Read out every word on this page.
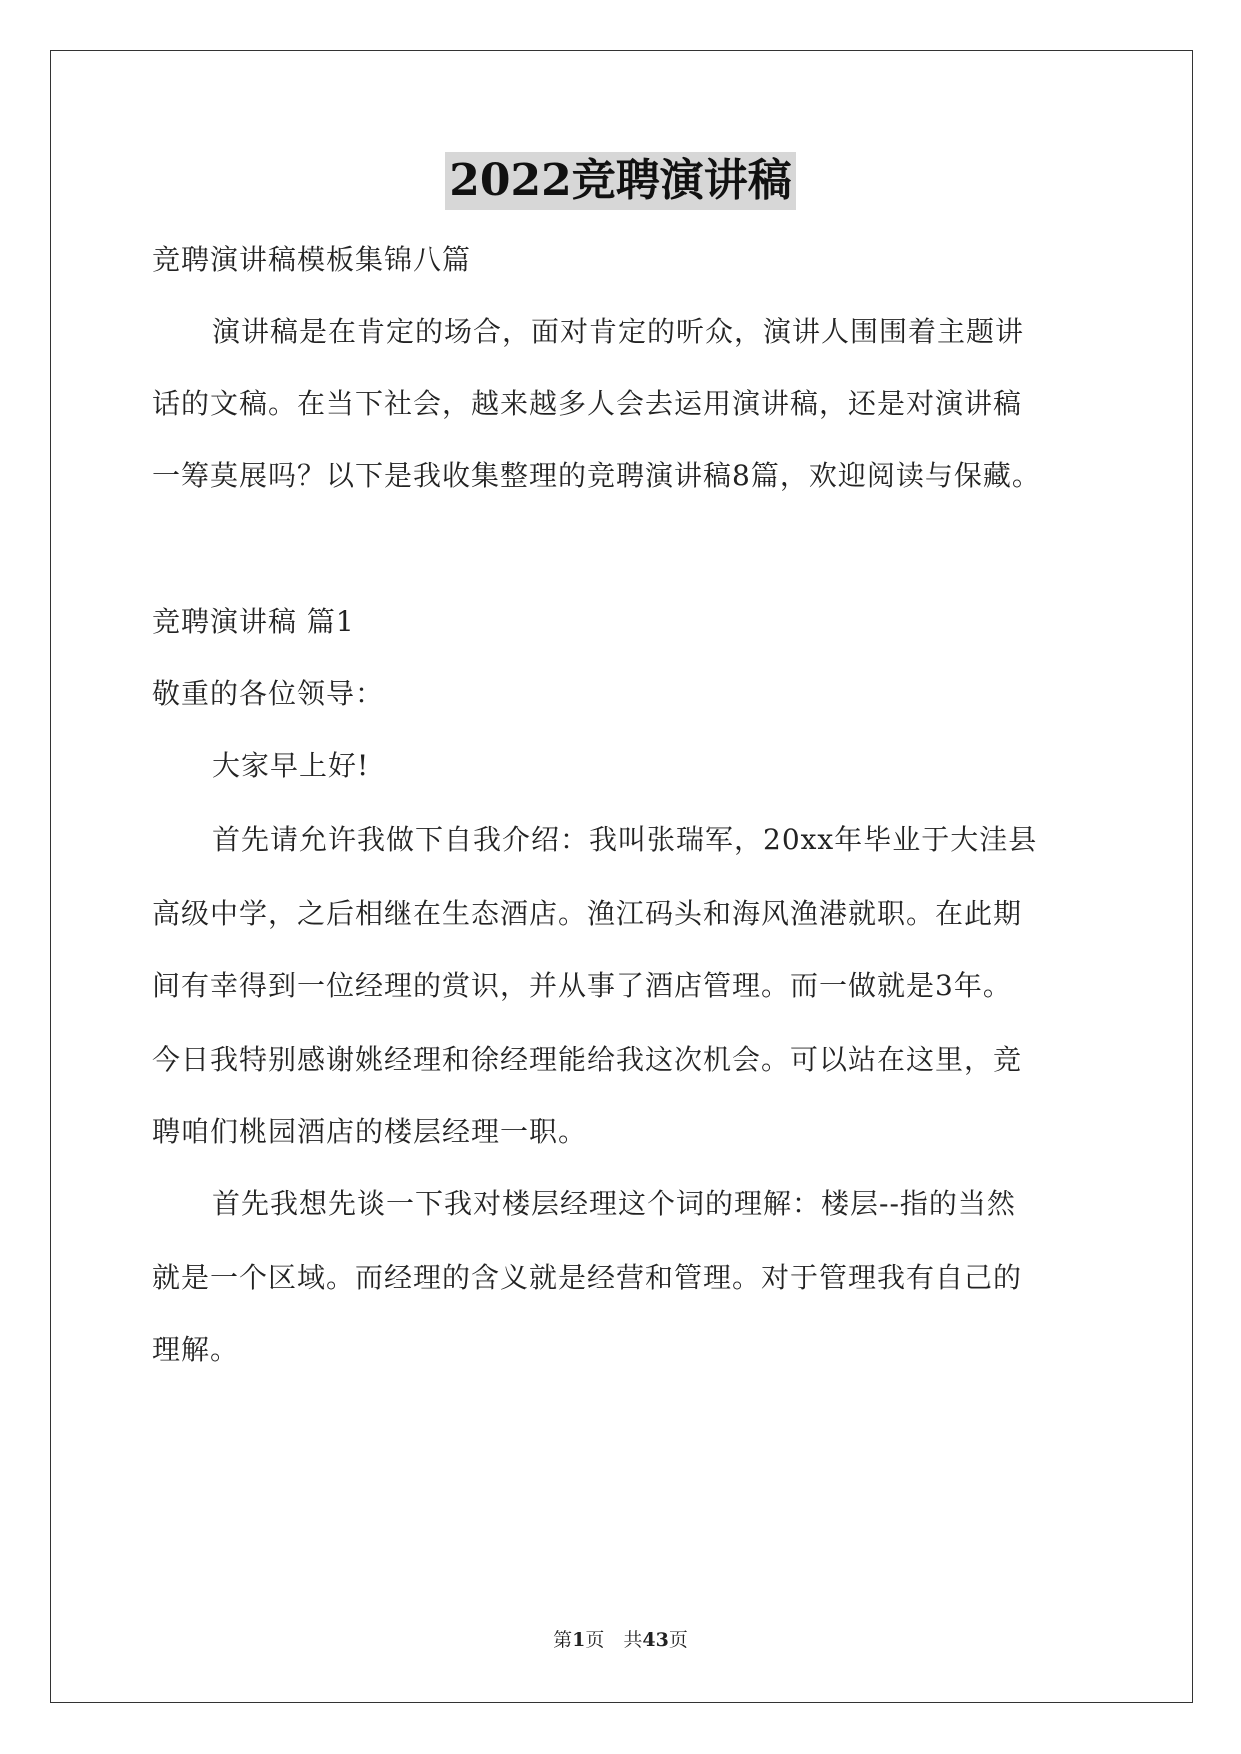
2022竞聘演讲稿
竞聘演讲稿模板集锦八篇
演讲稿是在肯定的场合，面对肯定的听众，演讲人围围着主题讲
话的文稿。在当下社会，越来越多人会去运用演讲稿，还是对演讲稿
一筹莫展吗？以下是我收集整理的竞聘演讲稿8篇，欢迎阅读与保藏。
竞聘演讲稿 篇1
敬重的各位领导：
大家早上好!
首先请允许我做下自我介绍：我叫张瑞军，20xx年毕业于大洼县
高级中学，之后相继在生态酒店。渔江码头和海风渔港就职。在此期
间有幸得到一位经理的赏识，并从事了酒店管理。而一做就是3年。
今日我特别感谢姚经理和徐经理能给我这次机会。可以站在这里，竞
聘咱们桃园酒店的楼层经理一职。
首先我想先谈一下我对楼层经理这个词的理解：楼层--指的当然
就是一个区域。而经理的含义就是经营和管理。对于管理我有自己的
理解。
第1页　共43页
